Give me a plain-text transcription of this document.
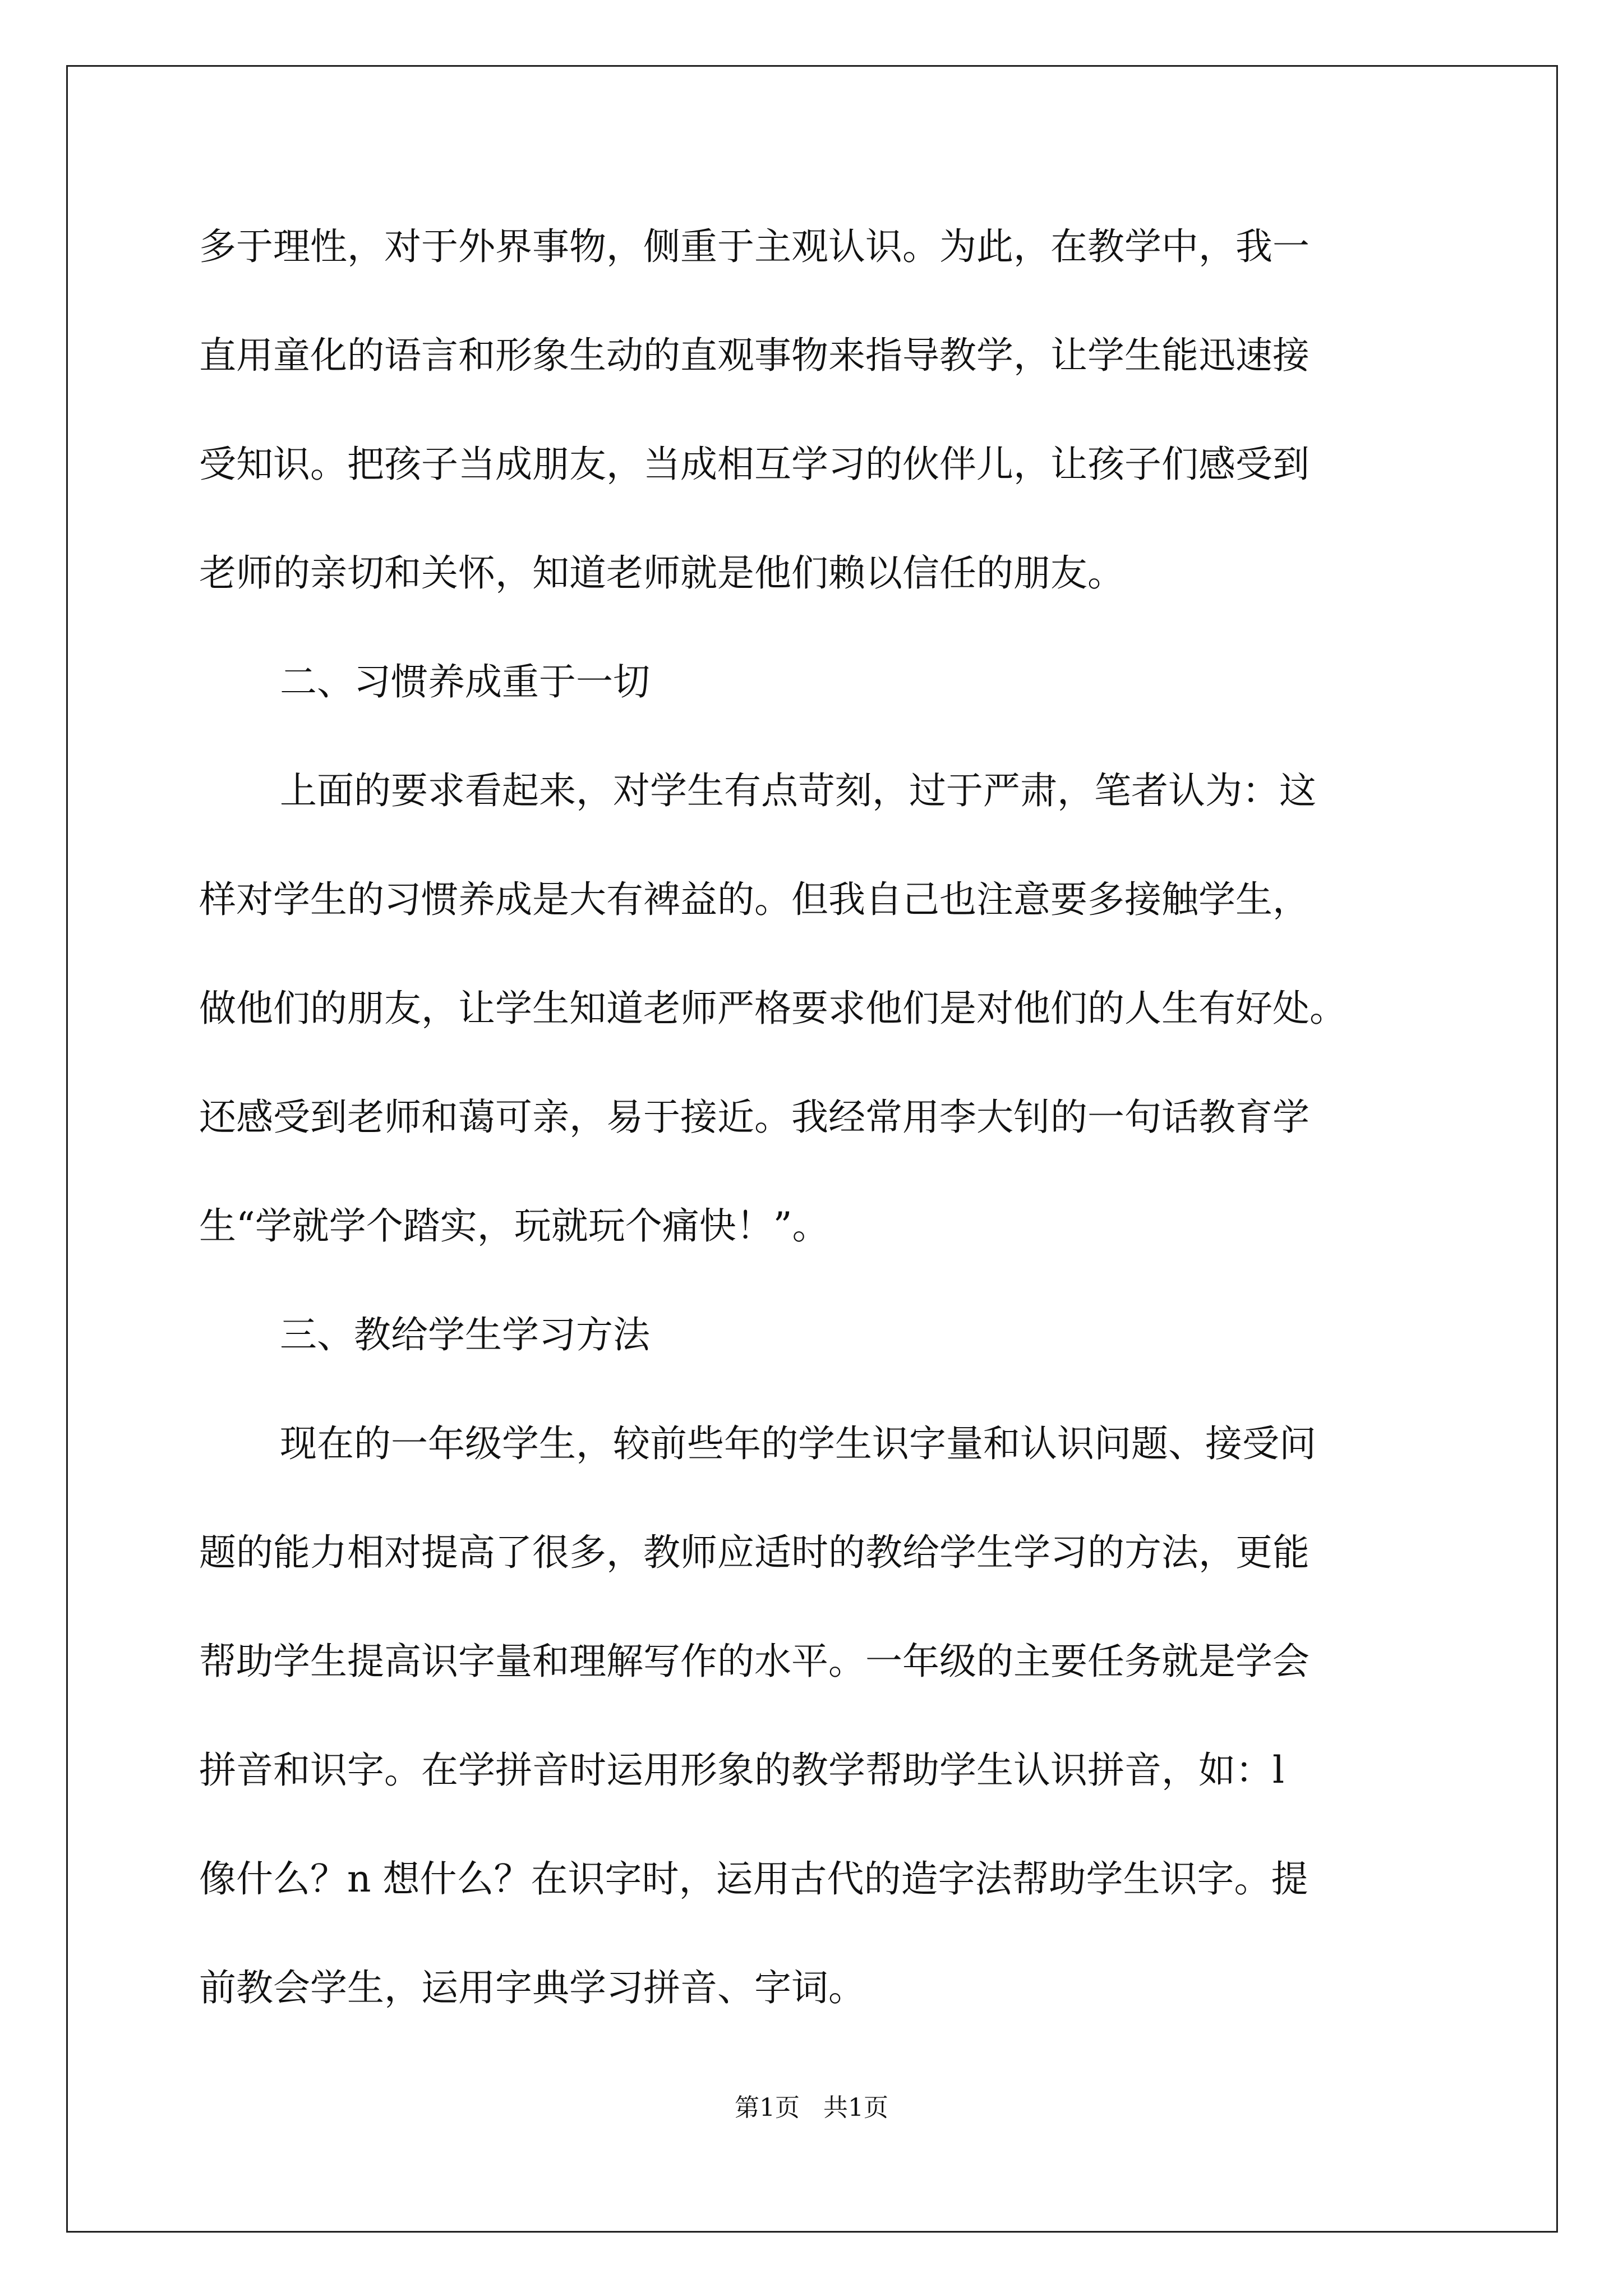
多于理性，对于外界事物，侧重于主观认识。为此，在教学中，我一
直用童化的语言和形象生动的直观事物来指导教学，让学生能迅速接
受知识。把孩子当成朋友，当成相互学习的伙伴儿，让孩子们感受到
老师的亲切和关怀，知道老师就是他们赖以信任的朋友。
二、习惯养成重于一切
上面的要求看起来，对学生有点苛刻，过于严肃，笔者认为：这
样对学生的习惯养成是大有裨益的。但我自己也注意要多接触学生，
做他们的朋友，让学生知道老师严格要求他们是对他们的人生有好处。
还感受到老师和蔼可亲，易于接近。我经常用李大钊的一句话教育学
生“学就学个踏实，玩就玩个痛快！”。
三、教给学生学习方法
现在的一年级学生，较前些年的学生识字量和认识问题、接受问
题的能力相对提高了很多，教师应适时的教给学生学习的方法，更能
帮助学生提高识字量和理解写作的水平。一年级的主要任务就是学会
拼音和识字。在学拼音时运用形象的教学帮助学生认识拼音，如：l
像什么？n 想什么？在识字时，运用古代的造字法帮助学生识字。提
前教会学生，运用字典学习拼音、字词。
第1页   共1页
